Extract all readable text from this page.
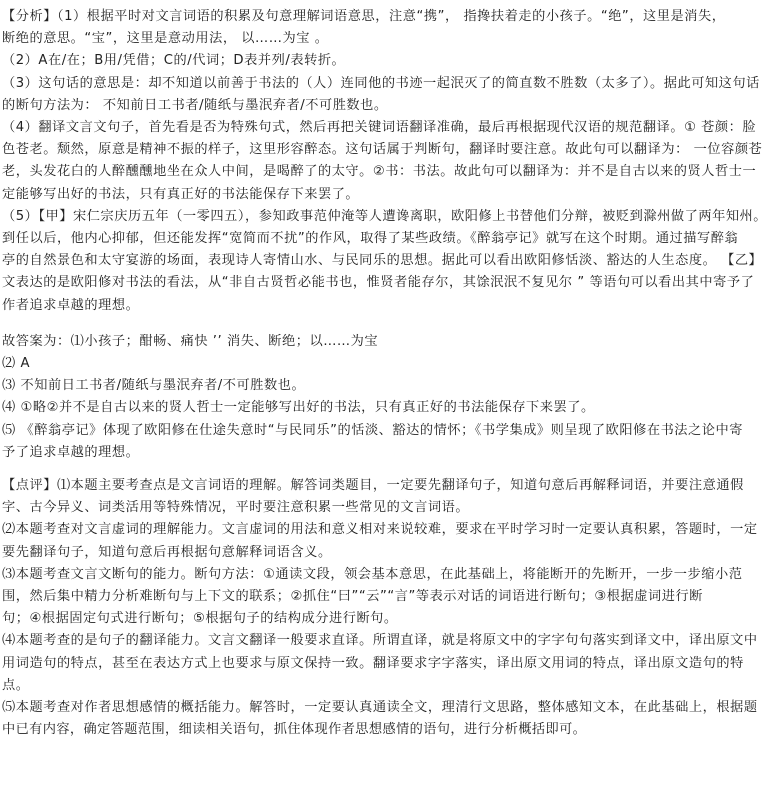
【分析】（1）根据平时对文言词语的积累及句意理解词语意思，注意“携”， 指搀扶着走的小孩子。“绝”，这里是消失，
断绝的意思。“宝”，这里是意动用法， 以……为宝 。
（2）A在/在；B用/凭借；C的/代词；D表并列/表转折。
（3）这句话的意思是：却不知道以前善于书法的（人）连同他的书迹一起泯灭了的简直数不胜数（太多了）。据此可知这句话
的断句方法为： 不知前日工书者/随纸与墨泯弃者/不可胜数也。
（4）翻译文言文句子，首先看是否为特殊句式，然后再把关键词语翻译准确，最后再根据现代汉语的规范翻译。① 苍颜：脸
色苍老。颓然，原意是精神不振的样子，这里形容醉态。这句话属于判断句，翻译时要注意。故此句可以翻译为： 一位容颜苍
老，头发花白的人醉醺醺地坐在众人中间，是喝醉了的太守。②书：书法。故此句可以翻译为：并不是自古以来的贤人哲士一
定能够写出好的书法，只有真正好的书法能保存下来罢了。
（5）【甲】宋仁宗庆历五年（一零四五），参知政事范仲淹等人遭谗离职，欧阳修上书替他们分辩，被贬到滁州做了两年知州。
到任以后，他内心抑郁，但还能发挥“宽简而不扰”的作风，取得了某些政绩。《醉翁亭记》就写在这个时期。通过描写醉翁
亭的自然景色和太守宴游的场面，表现诗人寄情山水、与民同乐的思想。据此可以看出欧阳修恬淡、豁达的人生态度。 【乙】
文表达的是欧阳修对书法的看法，从“非自古贤哲必能书也，惟贤者能存尔，其馀泯泯不复见尔 ” 等语句可以看出其中寄予了
作者追求卓越的理想。
故答案为：⑴小孩子；酣畅、痛快 ’’ 消失、断绝；以……为宝
⑵ A
⑶ 不知前日工书者/随纸与墨泯弃者/不可胜数也。
⑷ ①略②并不是自古以来的贤人哲士一定能够写出好的书法，只有真正好的书法能保存下来罢了。
⑸ 《醉翁亭记》体现了欧阳修在仕途失意时“与民同乐”的恬淡、豁达的情怀；《书学集成》则呈现了欧阳修在书法之论中寄
予了追求卓越的理想。
【点评】⑴本题主要考查点是文言词语的理解。解答词类题目，一定要先翻译句子，知道句意后再解释词语，并要注意通假
字、古今异义、词类活用等特殊情况，平时要注意积累一些常见的文言词语。
⑵本题考查对文言虚词的理解能力。文言虚词的用法和意义相对来说较难，要求在平时学习时一定要认真积累，答题时，一定
要先翻译句子，知道句意后再根据句意解释词语含义。
⑶本题考查文言文断句的能力。断句方法：①通读文段，领会基本意思，在此基础上，将能断开的先断开，一步一步缩小范
围，然后集中精力分析难断句与上下文的联系；②抓住“曰”“云”“言”等表示对话的词语进行断句；③根据虚词进行断
句；④根据固定句式进行断句；⑤根据句子的结构成分进行断句。
⑷本题考查的是句子的翻译能力。文言文翻译一般要求直译。所谓直译，就是将原文中的字字句句落实到译文中，译出原文中
用词造句的特点，甚至在表达方式上也要求与原文保持一致。翻译要求字字落实，译出原文用词的特点，译出原文造句的特
点。
⑸本题考查对作者思想感情的概括能力。解答时，一定要认真通读全文，理清行文思路，整体感知文本，在此基础上，根据题
中已有内容，确定答题范围，细读相关语句，抓住体现作者思想感情的语句，进行分析概括即可。
